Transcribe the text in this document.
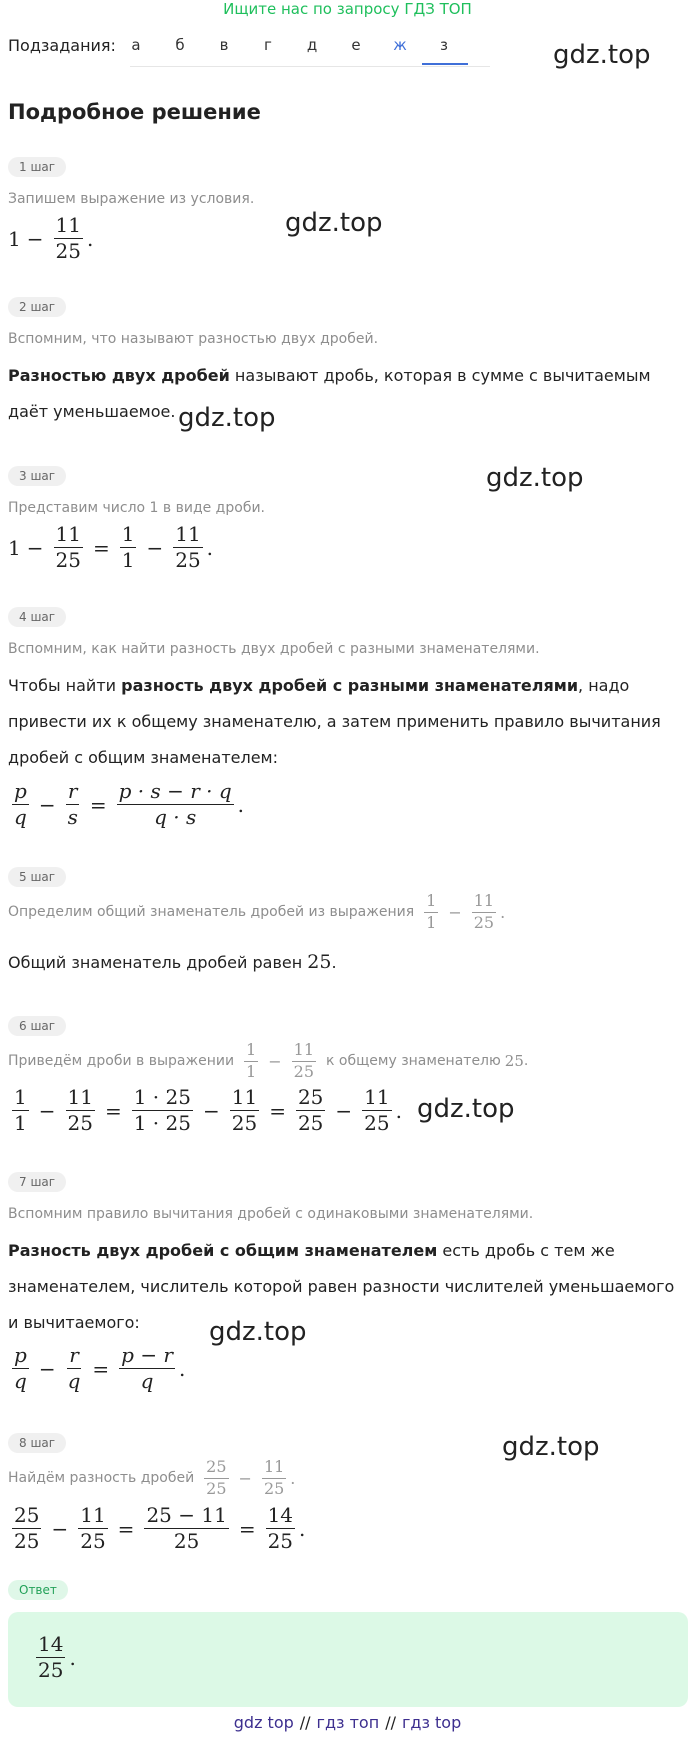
Ищите нас по запросу ГДЗ ТОП
Подзадания:	а	б	в	г	д	е	ж	з	gdz.top
gdz.top
gdz.top
gdz.top
gdz.top
gdz.top
gdz.top
Подробное решение
1 шаг
Запишем выражение из условия.
$1 - \frac{11}{25}$ .
2 шаг
Вспомним, что называют разностью двух дробей.
Разностью двух дробей называют дробь, которая в сумме с вычитаемым даёт уменьшаемое.
3 шаг
Представим число 1 в виде дроби.
$1 - \frac{11}{25} = \frac{1}{1} - \frac{11}{25}$ .
4 шаг
Вспомним, как найти разность двух дробей с разными знаменателями.
Чтобы найти разность двух дробей с разными знаменателями, надо привести их к общему знаменателю, а затем применить правило вычитания дробей с общим знаменателем:
$\frac{p}{q} - \frac{r}{s} = \frac{p \cdot s - r \cdot q}{q \cdot s}$ .
5 шаг
Определим общий знаменатель дробей из выражения $\frac{1}{1} - \frac{11}{25}$ .
Общий знаменатель дробей равен 25.
6 шаг
Приведём дроби в выражении $\frac{1}{1} - \frac{11}{25}$ к общему знаменателю 25 .
$\frac{1}{1} - \frac{11}{25} = \frac{1 \cdot 25}{1 \cdot 25} - \frac{11}{25} = \frac{25}{25} - \frac{11}{25}$ .
7 шаг
Вспомним правило вычитания дробей с одинаковыми знаменателями.
Разность двух дробей с общим знаменателем есть дробь с тем же знаменателем, числитель которой равен разности числителей уменьшаемого и вычитаемого:
$\frac{p}{q} - \frac{r}{q} = \frac{p - r}{q}$ .
8 шаг
Найдём разность дробей $\frac{25}{25} - \frac{11}{25}$ .
$\frac{25}{25} - \frac{11}{25} = \frac{25 - 11}{25} = \frac{14}{25}$ .
Ответ
$\frac{14}{25}$ .
gdz top // гдз топ // гдз top
